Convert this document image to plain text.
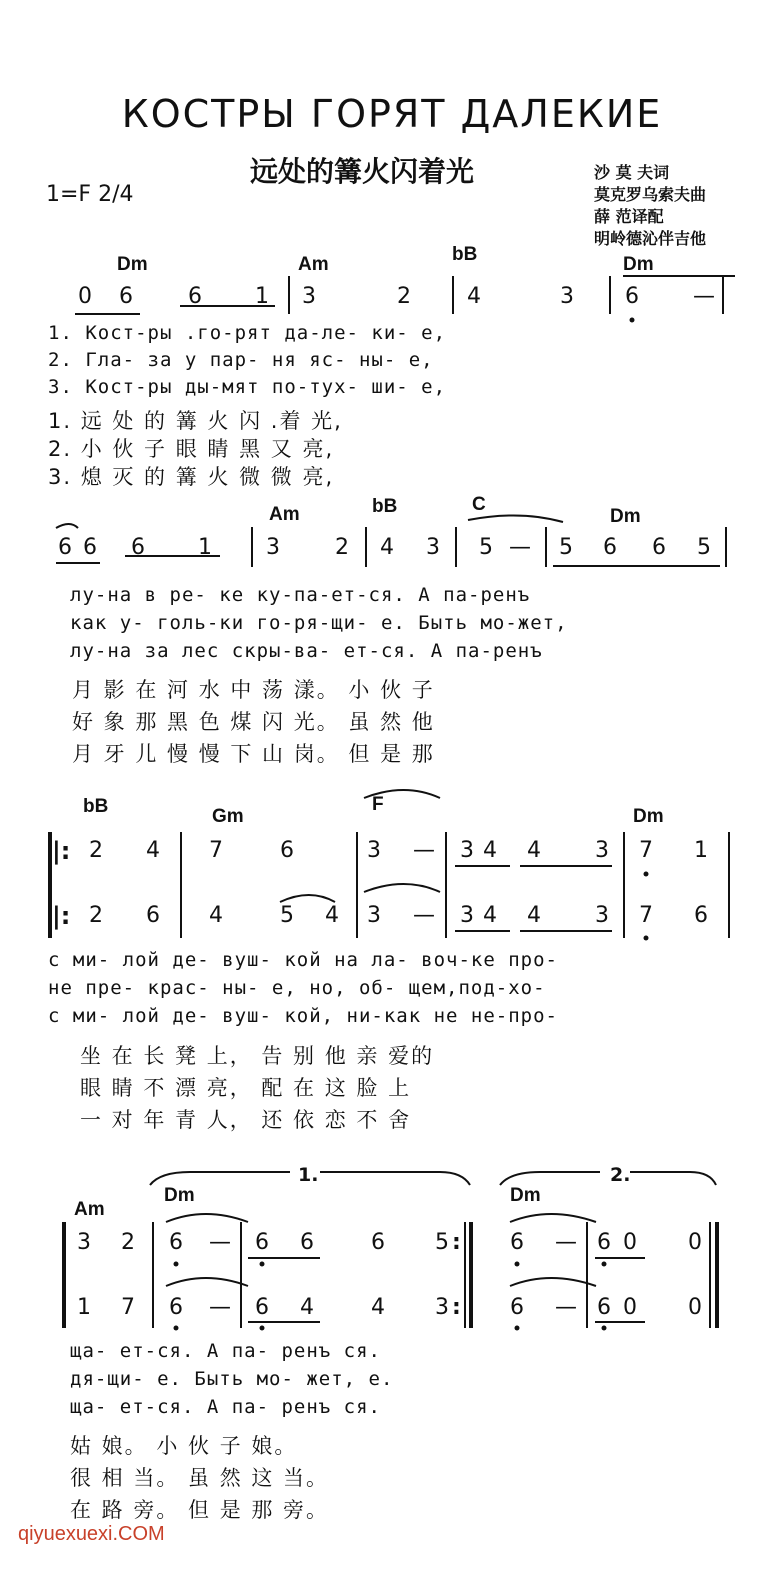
КОСТРЫ ГОРЯТ ДАЛЕКИЕ
远处的篝火闪着光	沙 莫 夫词
莫克罗乌索夫曲
薛 范译配
明岭德沁伴吉他
1=F 2/4
Dm	Am	bB	Dm
0 6	6 1 3	2	4	3 6 —
1. Кост-ры .го-рят да-ле- ки- е,
2. Гла- за у пар- ня яс- ны- е,
3. Кост-ры ды-мят по-тух- ши- е,
1. 远 处 的 篝 火 闪 .着 光,
2. 小 伙 子 眼 睛 黑 又 亮,
3. 熄 灭 的 篝 火 微 微 亮,
Am	bB	C
Dm
6 6 6 1 3	2 4 3 5 — 5 6 6 5
лу-на в ре- ке ку-па-ет-ся. А па-ренъ
как у- голь-ки го-ря-щи- е. Быть мо-жет,
лу-на за лес скры-ва- ет-ся. А па-ренъ
月 影 在 河 水 中 荡 漾。 小 伙 子
好 象 那 黑 色 煤 闪 光。 虽 然 他
月 牙 儿 慢 慢 下 山 岗。 但 是 那
bB	Gm
F
Dm
|:
|:
2 4 7	6	3 — 3 4 4 3 7 1
2 6 4	5 4 3 — 3 4 4 3 7 6
с ми- лой де- вуш- кой на ла- воч-ке про-
не пре- крас- ны- е, но, об- щем,под-хо-
с ми- лой де- вуш- кой, ни-как не не-про-
坐 在 长 凳 上， 告 别 他 亲 爱的
眼 睛 不 漂 亮， 配 在 这 脸 上
一 对 年 青 人， 还 依 恋 不 舍
1.	2.
Am
Dm	Dm
3 2 6 — 6 6	6 5	6 — 6 0 0
1 7 6 — 6 4	4 3	6 — 6 0 0
:
:
ща- ет-ся. А па- ренъ ся.
дя-щи- е. Быть мо- жет, е.
ща- ет-ся. А па- ренъ ся.
姑 娘。 小 伙 子 娘。
很 相 当。 虽 然 这 当。
在 路 旁。 但 是 那 旁。
qiyuexuexi.COM
